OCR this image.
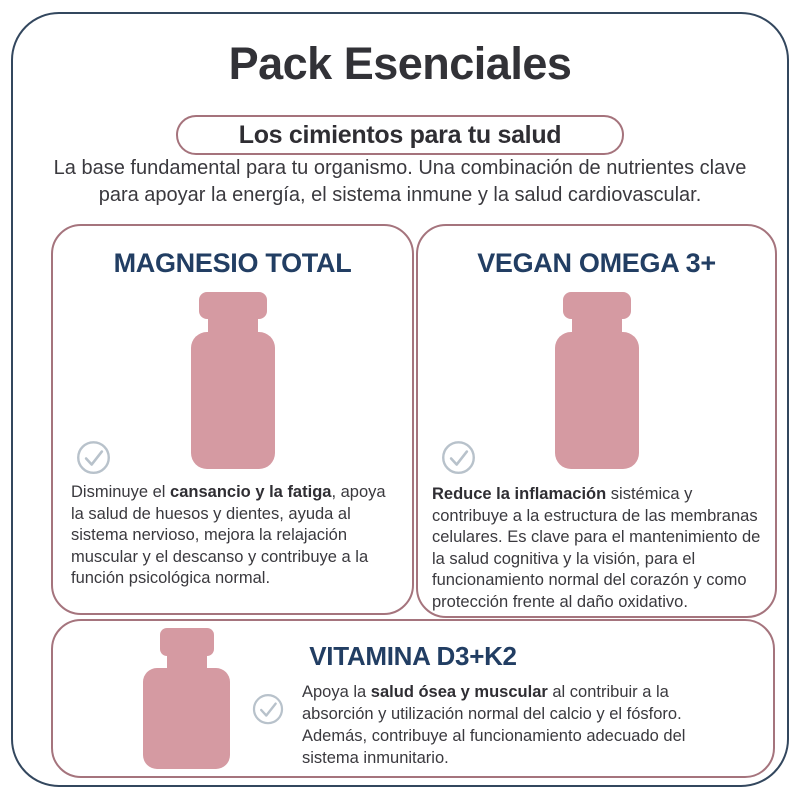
Pack Esenciales
Los cimientos para tu salud

La base fundamental para tu organismo. Una combinación de nutrientes clave para apoyar la energía, el sistema inmune y la salud cardiovascular.

MAGNESIO TOTAL

Disminuye el cansancio y la fatiga, apoya la salud de huesos y dientes, ayuda al sistema nervioso, mejora la relajación muscular y el descanso y contribuye a la función psicológica normal.

VEGAN OMEGA 3+

Reduce la inflamación sistémica y contribuye a la estructura de las membranas celulares. Es clave para el mantenimiento de la salud cognitiva y la visión, para el funcionamiento normal del corazón y como protección frente al daño oxidativo.

VITAMINA D3+K2

Apoya la salud ósea y muscular al contribuir a la absorción y utilización normal del calcio y el fósforo. Además, contribuye al funcionamiento adecuado del sistema inmunitario.
